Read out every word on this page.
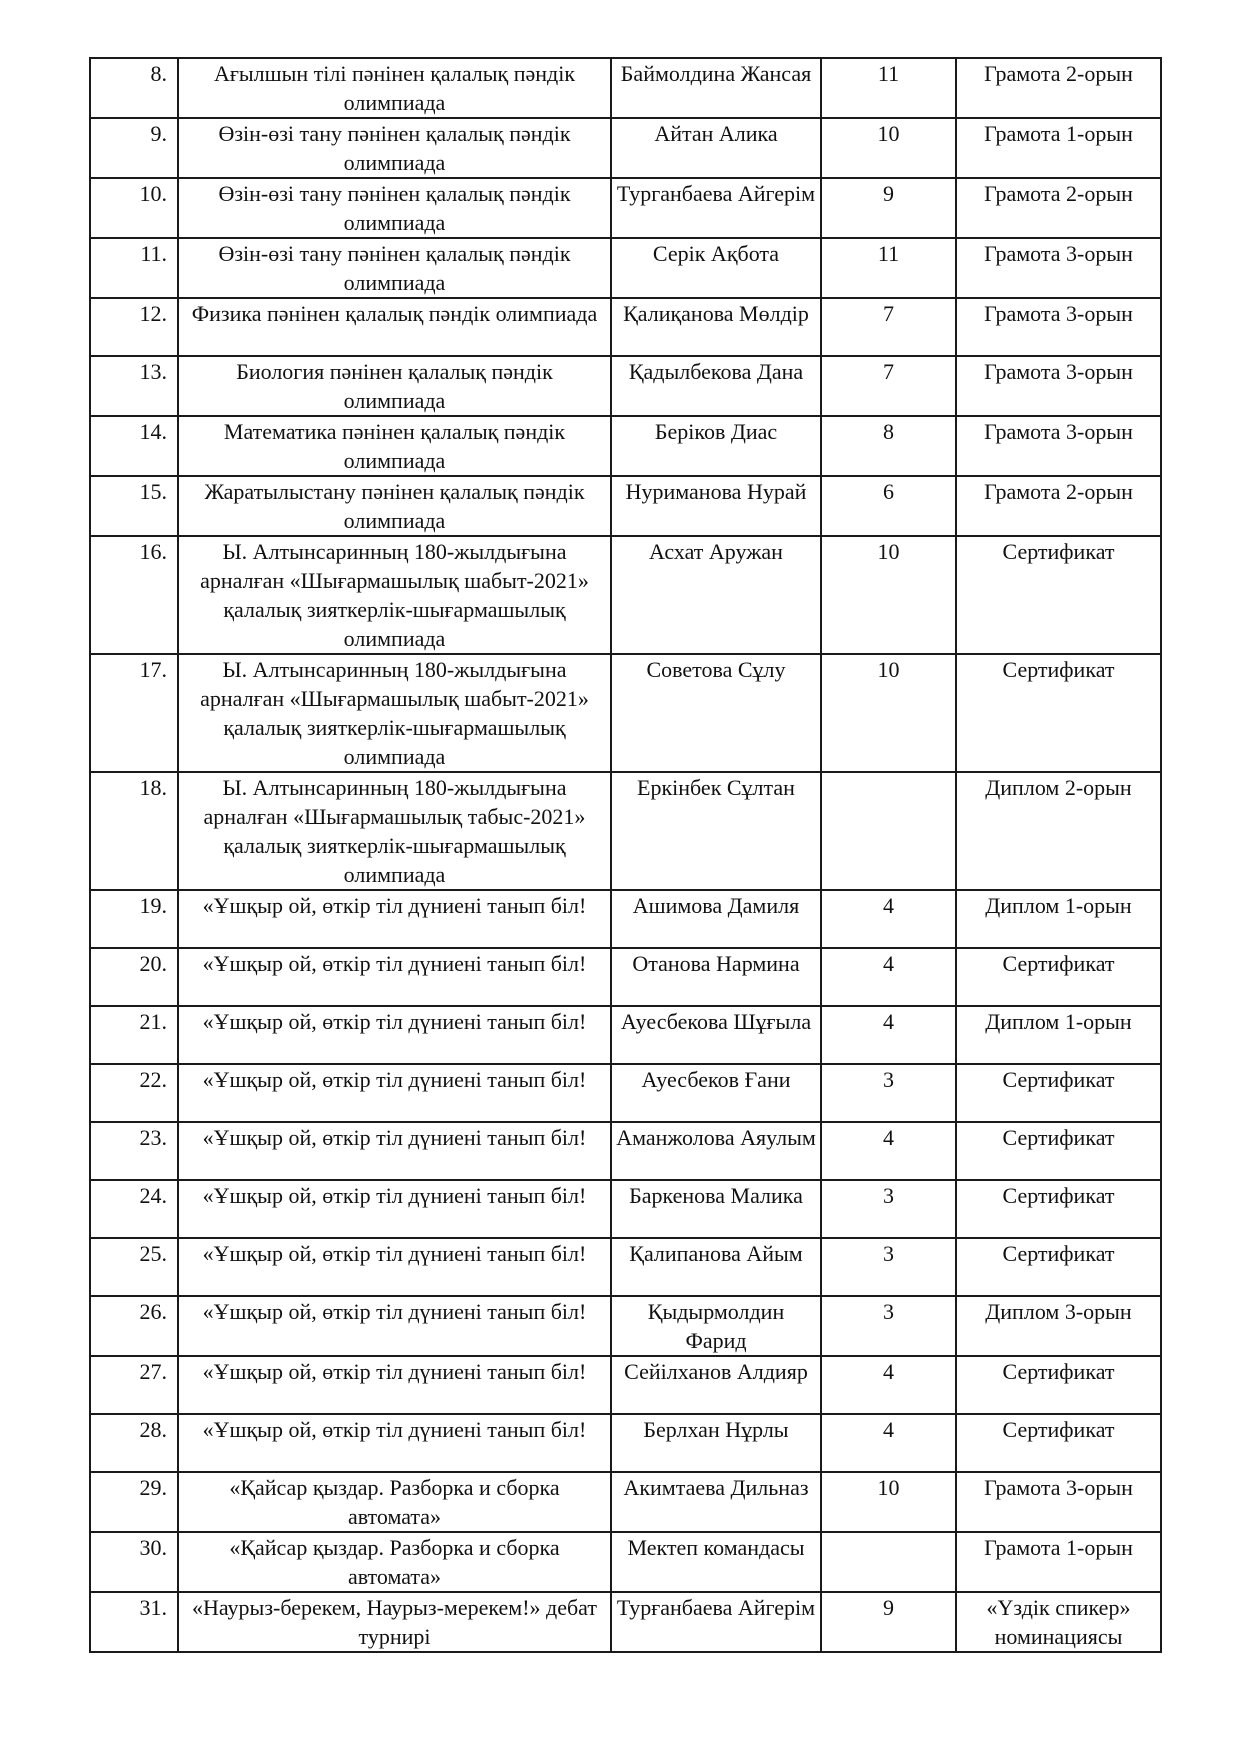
8.	Ағылшын тілі пәнінен қалалық пәндік олимпиада	Баймолдина Жансая	11	Грамота 2-орын
9.	Өзін-өзі тану пәнінен қалалық пәндік олимпиада	Айтан Алика	10	Грамота 1-орын
10.	Өзін-өзі тану пәнінен қалалық пәндік олимпиада	Турганбаева Айгерім	9	Грамота 2-орын
11.	Өзін-өзі тану пәнінен қалалық пәндік олимпиада	Серік Ақбота	11	Грамота 3-орын
12.	Физика пәнінен қалалық пәндік олимпиада	Қалиқанова Мөлдір	7	Грамота 3-орын
13.	Биология пәнінен қалалық пәндік олимпиада	Қадылбекова Дана	7	Грамота 3-орын
14.	Математика пәнінен қалалық пәндік олимпиада	Беріков Диас	8	Грамота 3-орын
15.	Жаратылыстану пәнінен қалалық пәндік олимпиада	Нуриманова Нурай	6	Грамота 2-орын
16.	Ы. Алтынсаринның 180-жылдығына арналған «Шығармашылық шабыт-2021» қалалық зияткерлік-шығармашылық олимпиада	Асхат Аружан	10	Сертификат
17.	Ы. Алтынсаринның 180-жылдығына арналған «Шығармашылық шабыт-2021» қалалық зияткерлік-шығармашылық олимпиада	Советова Сұлу	10	Сертификат
18.	Ы. Алтынсаринның 180-жылдығына арналған «Шығармашылық табыс-2021» қалалық зияткерлік-шығармашылық олимпиада	Еркінбек Сұлтан		Диплом 2-орын
19.	«Ұшқыр ой, өткір тіл дүниені танып біл!	Ашимова Дамиля	4	Диплом 1-орын
20.	«Ұшқыр ой, өткір тіл дүниені танып біл!	Отанова Нармина	4	Сертификат
21.	«Ұшқыр ой, өткір тіл дүниені танып біл!	Ауесбекова Шұғыла	4	Диплом 1-орын
22.	«Ұшқыр ой, өткір тіл дүниені танып біл!	Ауесбеков Ғани	3	Сертификат
23.	«Ұшқыр ой, өткір тіл дүниені танып біл!	Аманжолова Аяулым	4	Сертификат
24.	«Ұшқыр ой, өткір тіл дүниені танып біл!	Баркенова Малика	3	Сертификат
25.	«Ұшқыр ой, өткір тіл дүниені танып біл!	Қалипанова Айым	3	Сертификат
26.	«Ұшқыр ой, өткір тіл дүниені танып біл!	Қыдырмолдин Фарид	3	Диплом 3-орын
27.	«Ұшқыр ой, өткір тіл дүниені танып біл!	Сейілханов Алдияр	4	Сертификат
28.	«Ұшқыр ой, өткір тіл дүниені танып біл!	Берлхан Нұрлы	4	Сертификат
29.	«Қайсар қыздар. Разборка и сборка автомата»	Акимтаева Дильназ	10	Грамота 3-орын
30.	«Қайсар қыздар. Разборка и сборка автомата»	Мектеп командасы		Грамота 1-орын
31.	«Наурыз-берекем, Наурыз-мерекем!» дебат турнирі	Турғанбаева Айгерім	9	«Үздік спикер» номинациясы
